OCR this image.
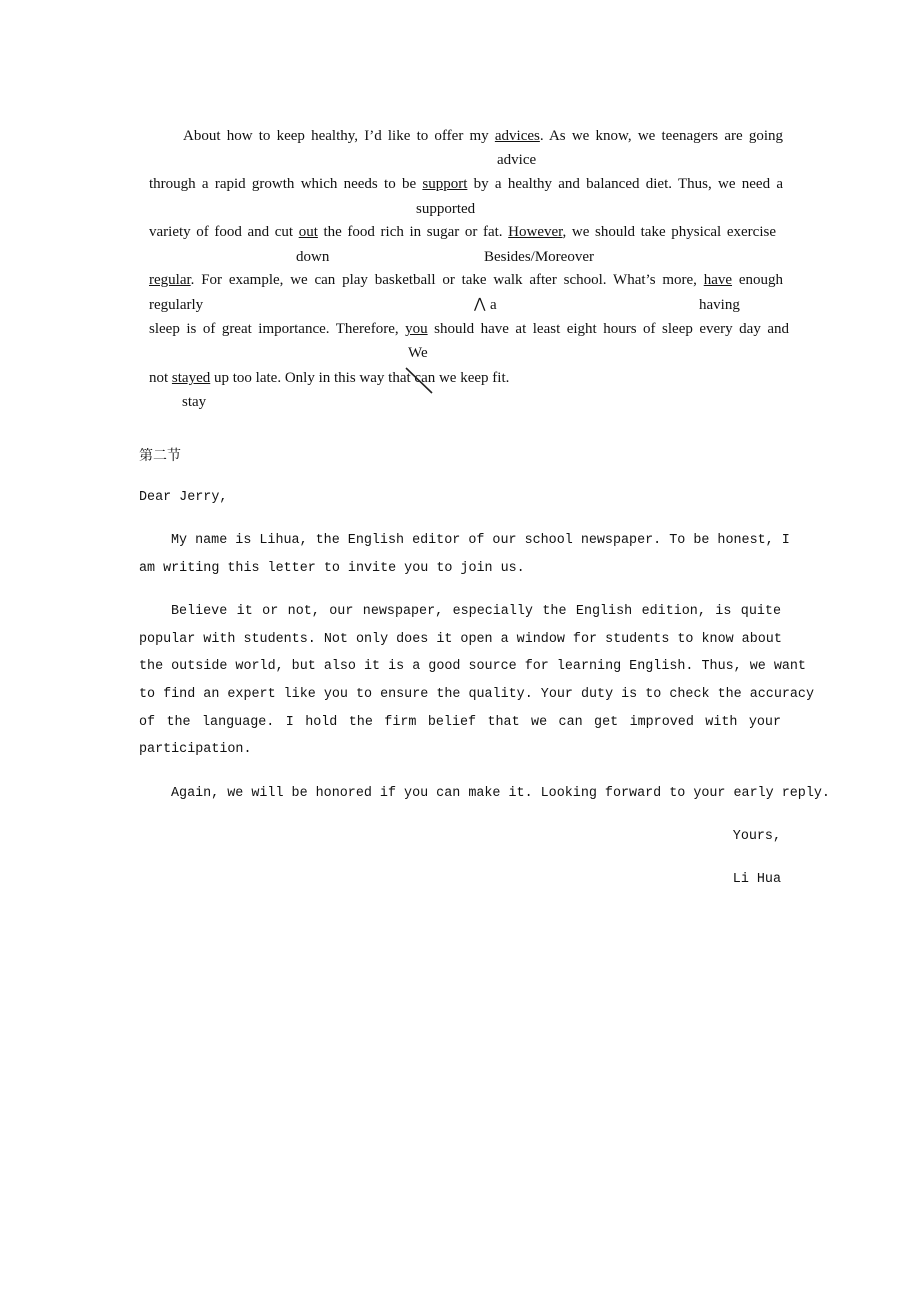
About how to keep healthy, I’d like to offer my advices. As we know, we teenagers are going
advice
through a rapid growth which needs to be support by a healthy and balanced diet. Thus, we need a
supported
variety of food and cut out the food rich in sugar or fat. However, we should take physical exercise
down	Besides/Moreover
regular. For example, we can play basketball or take walk after school. What’s more, have enough
regularly	⋀ a	having
sleep is of great importance. Therefore, you should have at least eight hours of sleep every day and
We
not stayed up too late. Only in this way that can we keep fit.
stay
第二节
Dear Jerry,
My name is Lihua, the English editor of our school newspaper. To be honest, I
am writing this letter to invite you to join us.
Believe it or not, our newspaper, especially the English edition, is quite
popular with students. Not only does it open a window for students to know about
the outside world, but also it is a good source for learning English. Thus, we want
to find an expert like you to ensure the quality. Your duty is to check the accuracy
of the language. I hold the firm belief that we can get improved with your
participation.
Again, we will be honored if you can make it. Looking forward to your early reply.
Yours,
Li Hua
